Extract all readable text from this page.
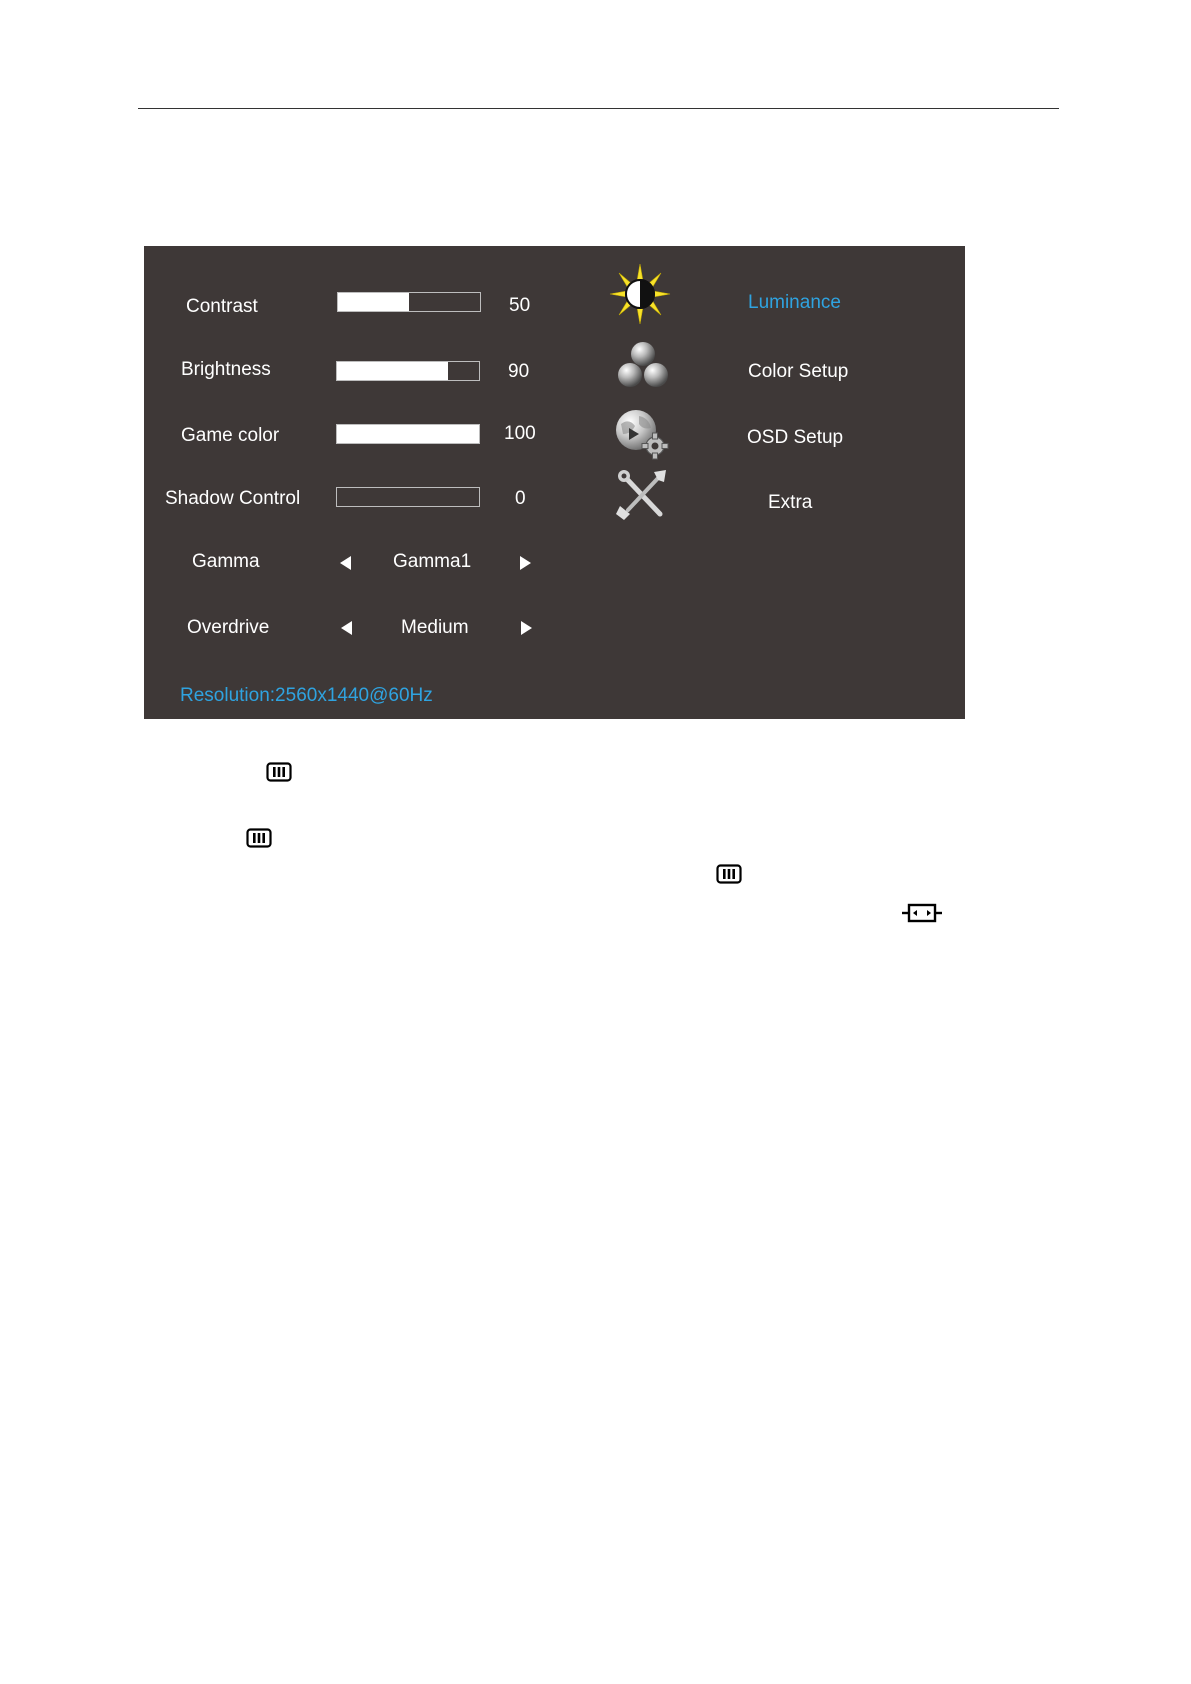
Contrast	50
Brightness	90
Game color	100
Shadow Control	0
Gamma	Gamma1
Overdrive	Medium
Luminance
Color Setup
OSD Setup
Extra
Resolution:2560x1440@60Hz
